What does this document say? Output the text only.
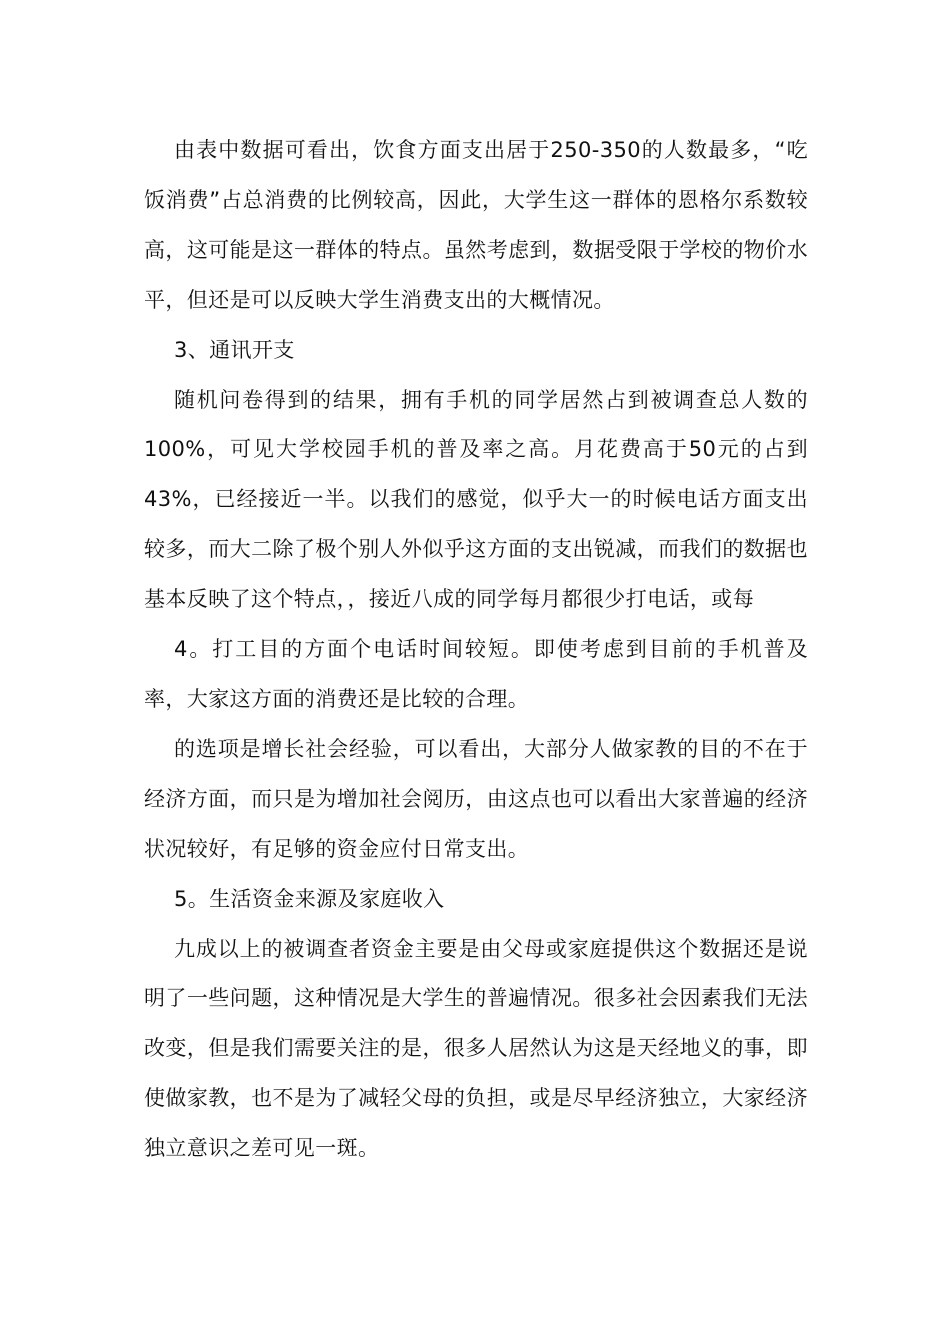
由表中数据可看出，饮食方面支出居于250-350的人数最多，“吃饭消费”占总消费的比例较高，因此，大学生这一群体的恩格尔系数较高，这可能是这一群体的特点。虽然考虑到，数据受限于学校的物价水平，但还是可以反映大学生消费支出的大概情况。

3、通讯开支

随机问卷得到的结果，拥有手机的同学居然占到被调查总人数的100%，可见大学校园手机的普及率之高。月花费高于50元的占到43%，已经接近一半。以我们的感觉，似乎大一的时候电话方面支出较多，而大二除了极个别人外似乎这方面的支出锐减，而我们的数据也基本反映了这个特点，，接近八成的同学每月都很少打电话，或每

4。打工目的方面个电话时间较短。即使考虑到目前的手机普及率，大家这方面的消费还是比较的合理。

的选项是增长社会经验，可以看出，大部分人做家教的目的不在于经济方面，而只是为增加社会阅历，由这点也可以看出大家普遍的经济状况较好，有足够的资金应付日常支出。

5。生活资金来源及家庭收入

九成以上的被调查者资金主要是由父母或家庭提供这个数据还是说明了一些问题，这种情况是大学生的普遍情况。很多社会因素我们无法改变，但是我们需要关注的是，很多人居然认为这是天经地义的事，即使做家教，也不是为了减轻父母的负担，或是尽早经济独立，大家经济独立意识之差可见一斑。
